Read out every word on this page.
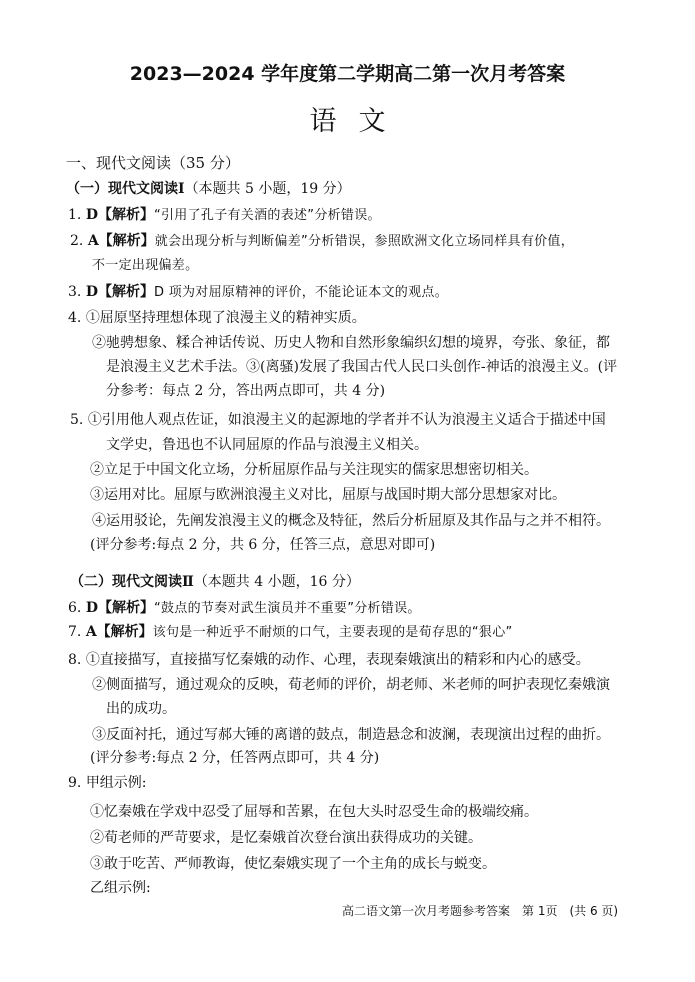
2023—2024 学年度第二学期高二第一次月考答案
语文
一、现代文阅读（35 分）
（一）现代文阅读Ⅰ（本题共 5 小题，19 分）
1. D【解析】“引用了孔子有关酒的表述”分析错误。
2. A【解析】就会出现分析与判断偏差”分析错误，参照欧洲文化立场同样具有价值，
不一定出现偏差。
3. D【解析】D 项为对屈原精神的评价，不能论证本文的观点。
4. ①屈原坚持理想体现了浪漫主义的精神实质。
②驰骋想象、糅合神话传说、历史人物和自然形象编织幻想的境界，夸张、象征，都
是浪漫主义艺术手法。③(离骚)发展了我国古代人民口头创作-神话的浪漫主义。(评
分参考：每点 2 分，答出两点即可，共 4 分)
5. ①引用他人观点佐证，如浪漫主义的起源地的学者并不认为浪漫主义适合于描述中国
文学史，鲁迅也不认同屈原的作品与浪漫主义相关。
②立足于中国文化立场，分析屈原作品与关注现实的儒家思想密切相关。
③运用对比。屈原与欧洲浪漫主义对比，屈原与战国时期大部分思想家对比。
④运用驳论，先阐发浪漫主义的概念及特征，然后分析屈原及其作品与之并不相符。
(评分参考:每点 2 分，共 6 分，任答三点，意思对即可)
（二）现代文阅读Ⅱ（本题共 4 小题，16 分）
6. D【解析】“鼓点的节奏对武生演员并不重要”分析错误。
7. A【解析】该句是一种近乎不耐烦的口气，主要表现的是荀存思的“狠心”
8. ①直接描写，直接描写忆秦娥的动作、心理，表现秦娥演出的精彩和内心的感受。
②侧面描写，通过观众的反映，荀老师的评价，胡老师、米老师的呵护表现忆秦娥演
出的成功。
③反面衬托，通过写郝大锤的离谱的鼓点，制造悬念和波澜，表现演出过程的曲折。
(评分参考:每点 2 分，任答两点即可，共 4 分)
9. 甲组示例:
①忆秦娥在学戏中忍受了屈辱和苦累，在包大头时忍受生命的极端绞痛。
②荀老师的严苛要求，是忆秦娥首次登台演出获得成功的关键。
③敢于吃苦、严师教诲，使忆秦娥实现了一个主角的成长与蜕变。
乙组示例:
高二语文第一次月考题参考答案　第 1页　(共 6 页)
